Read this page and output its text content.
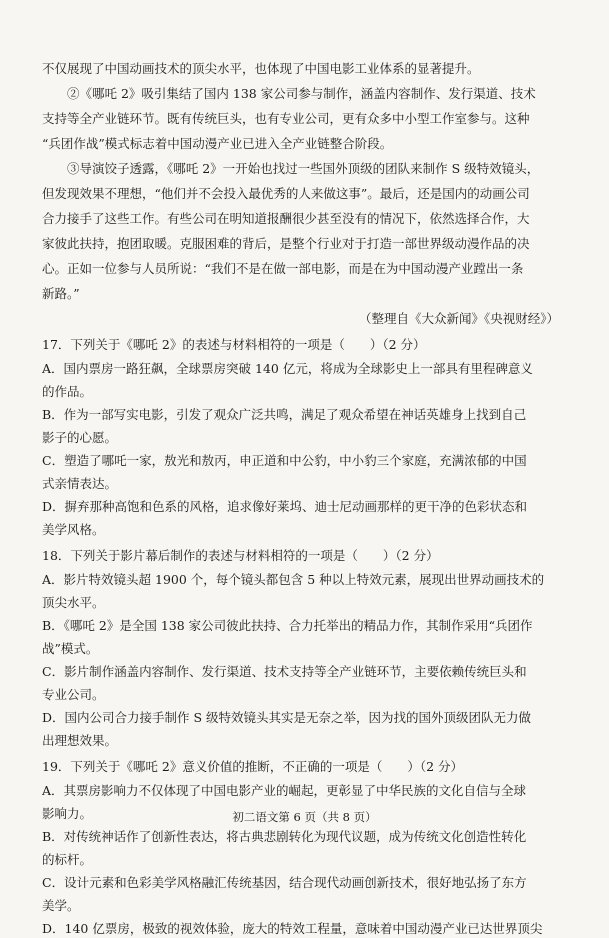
不仅展现了中国动画技术的顶尖水平，也体现了中国电影工业体系的显著提升。

　　②《哪吒 2》吸引集结了国内 138 家公司参与制作，涵盖内容制作、发行渠道、技术

支持等全产业链环节。既有传统巨头，也有专业公司，更有众多中小型工作室参与。这种

“兵团作战”模式标志着中国动漫产业已进入全产业链整合阶段。

　　③导演饺子透露，《哪吒 2》一开始也找过一些国外顶级的团队来制作 S 级特效镜头，

但发现效果不理想，“他们并不会投入最优秀的人来做这事”。最后，还是国内的动画公司

合力接手了这些工作。有些公司在明知道报酬很少甚至没有的情况下，依然选择合作，大

家彼此扶持，抱团取暖。克服困难的背后，是整个行业对于打造一部世界级动漫作品的决

心。正如一位参与人员所说：“我们不是在做一部电影，而是在为中国动漫产业蹚出一条

新路。”

（整理自《大众新闻》《央视财经》）

17．下列关于《哪吒 2》的表述与材料相符的一项是（　　）（2 分）

A．国内票房一路狂飙，全球票房突破 140 亿元，将成为全球影史上一部具有里程碑意义

的作品。

B．作为一部写实电影，引发了观众广泛共鸣，满足了观众希望在神话英雄身上找到自己

影子的心愿。

C．塑造了哪吒一家，敖光和敖丙，申正道和中公豹，中小豹三个家庭，充满浓郁的中国

式亲情表达。

D．摒弃那种高饱和色系的风格，追求像好莱坞、迪士尼动画那样的更干净的色彩状态和

美学风格。

18．下列关于影片幕后制作的表述与材料相符的一项是（　　）（2 分）

A．影片特效镜头超 1900 个，每个镜头都包含 5 种以上特效元素，展现出世界动画技术的

顶尖水平。

B．《哪吒 2》是全国 138 家公司彼此扶持、合力托举出的精品力作，其制作采用“兵团作

战”模式。

C．影片制作涵盖内容制作、发行渠道、技术支持等全产业链环节，主要依赖传统巨头和

专业公司。

D．国内公司合力接手制作 S 级特效镜头其实是无奈之举，因为找的国外顶级团队无力做

出理想效果。

19．下列关于《哪吒 2》意义价值的推断，不正确的一项是（　　）（2 分）

A．其票房影响力不仅体现了中国电影产业的崛起，更彰显了中华民族的文化自信与全球

影响力。

B．对传统神话作了创新性表达，将古典悲剧转化为现代议题，成为传统文化创造性转化

的标杆。

C．设计元素和色彩美学风格融汇传统基因，结合现代动画创新技术，很好地弘扬了东方

美学。

D．140 亿票房，极致的视效体验，庞大的特效工程量，意味着中国动漫产业已达世界顶尖

初二语文第 6 页（共 8 页）
